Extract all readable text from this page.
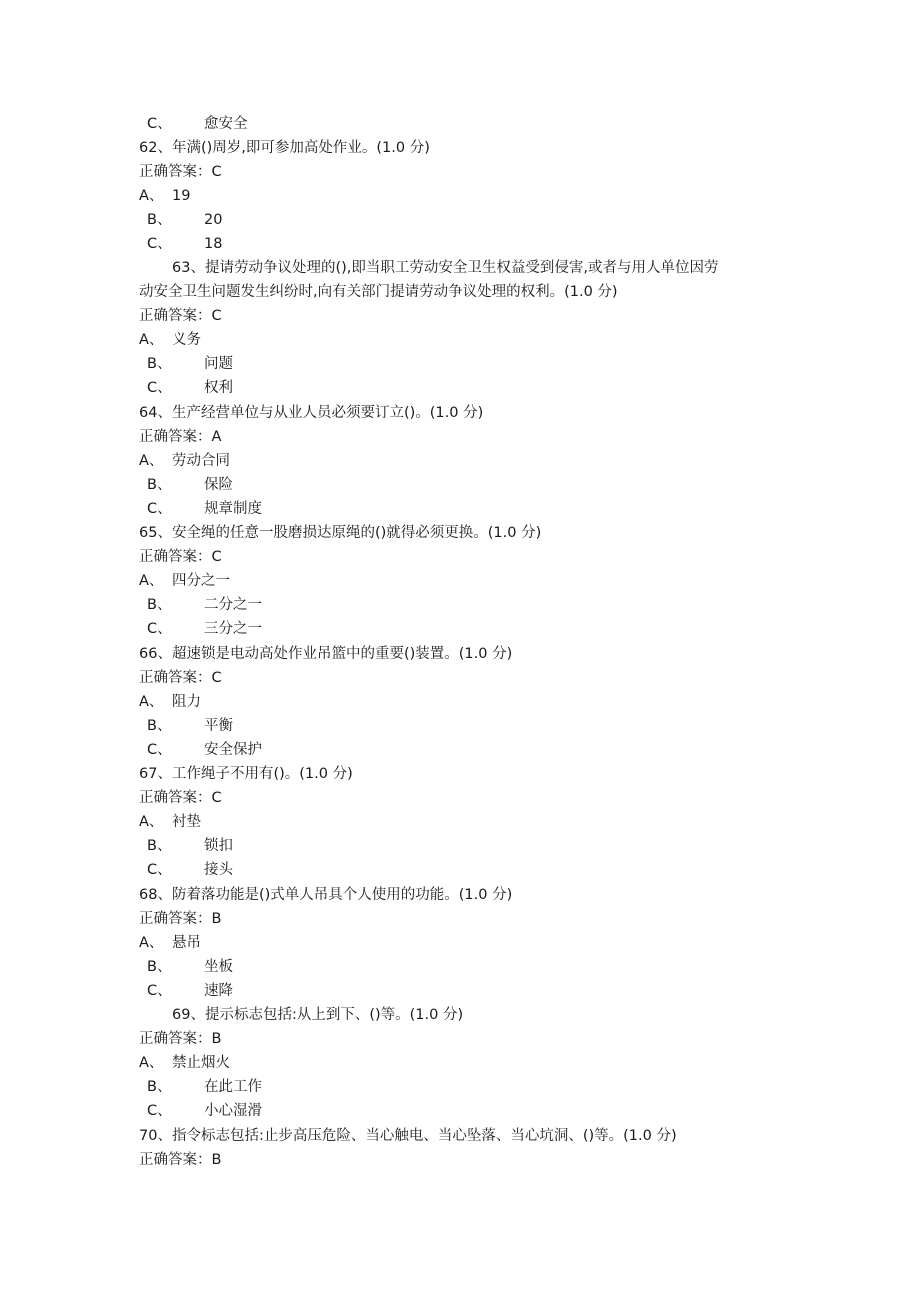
C、 愈安全
62、年满()周岁,即可参加高处作业。(1.0 分)
正确答案：C
A、 19
B、 20
C、 18
63、提请劳动争议处理的(),即当职工劳动安全卫生权益受到侵害,或者与用人单位因劳
动安全卫生问题发生纠纷时,向有关部门提请劳动争议处理的权利。(1.0 分)
正确答案：C
A、 义务
B、 问题
C、 权利
64、生产经营单位与从业人员必须要订立()。(1.0 分)
正确答案：A
A、 劳动合同
B、 保险
C、 规章制度
65、安全绳的任意一股磨损达原绳的()就得必须更换。(1.0 分)
正确答案：C
A、 四分之一
B、 二分之一
C、 三分之一
66、超速锁是电动高处作业吊篮中的重要()装置。(1.0 分)
正确答案：C
A、 阻力
B、 平衡
C、 安全保护
67、工作绳子不用有()。(1.0 分)
正确答案：C
A、 衬垫
B、 锁扣
C、 接头
68、防着落功能是()式单人吊具个人使用的功能。(1.0 分)
正确答案：B
A、 悬吊
B、 坐板
C、 速降
69、提示标志包括:从上到下、()等。(1.0 分)
正确答案：B
A、 禁止烟火
B、 在此工作
C、 小心湿滑
70、指令标志包括:止步高压危险、当心触电、当心坠落、当心坑洞、()等。(1.0 分)
正确答案：B
